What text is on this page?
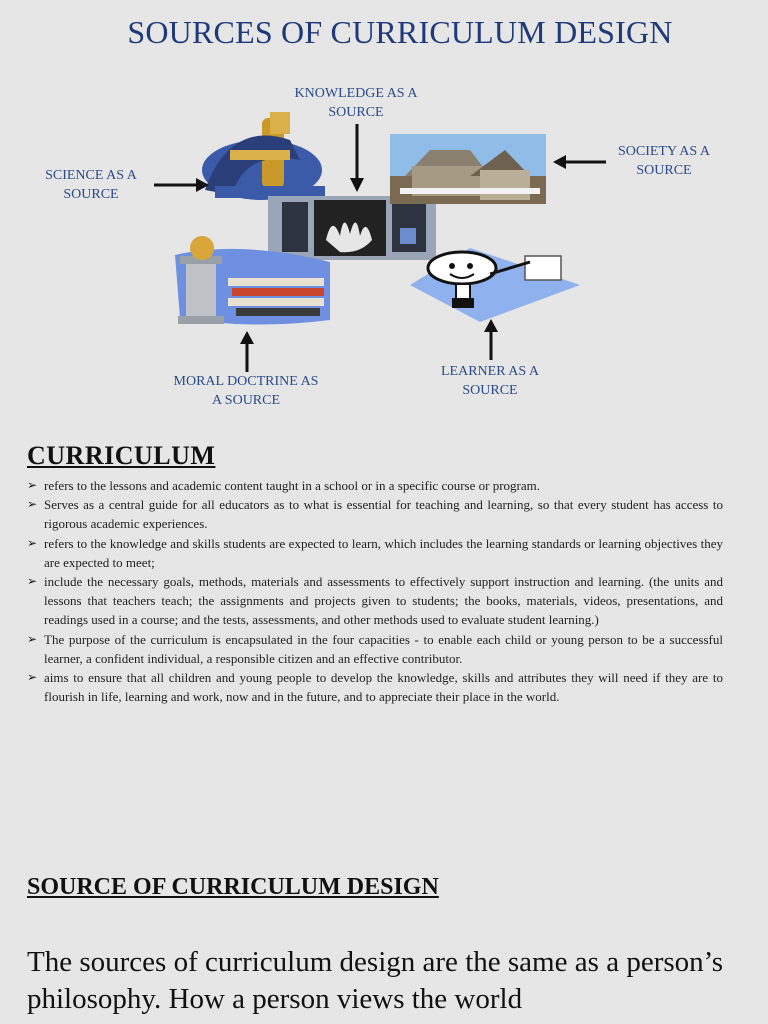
SOURCES OF CURRICULUM DESIGN
KNOWLEDGE AS A
SOURCE
SOCIETY AS A
SOURCE
SCIENCE AS A
SOURCE
MORAL DOCTRINE AS
A SOURCE
LEARNER AS A
SOURCE
CURRICULUM
➢ refers to the lessons and academic content taught in a school or in a specific course or program.
➢ Serves as a central guide for all educators as to what is essential for teaching and learning, so that every student has access to rigorous academic experiences.
➢ refers to the knowledge and skills students are expected to learn, which includes the learning standards or learning objectives they are expected to meet;
➢ include the necessary goals, methods, materials and assessments to effectively support instruction and learning. (the units and lessons that teachers teach; the assignments and projects given to students; the books, materials, videos, presentations, and readings used in a course; and the tests, assessments, and other methods used to evaluate student learning.)
➢ The purpose of the curriculum is encapsulated in the four capacities - to enable each child or young person to be a successful learner, a confident individual, a responsible citizen and an effective contributor.
➢ aims to ensure that all children and young people to develop the knowledge, skills and attributes they will need if they are to flourish in life, learning and work, now and in the future, and to appreciate their place in the world.
SOURCE OF CURRICULUM DESIGN
The sources of curriculum design are the same as a person’s philosophy. How a person views the world
